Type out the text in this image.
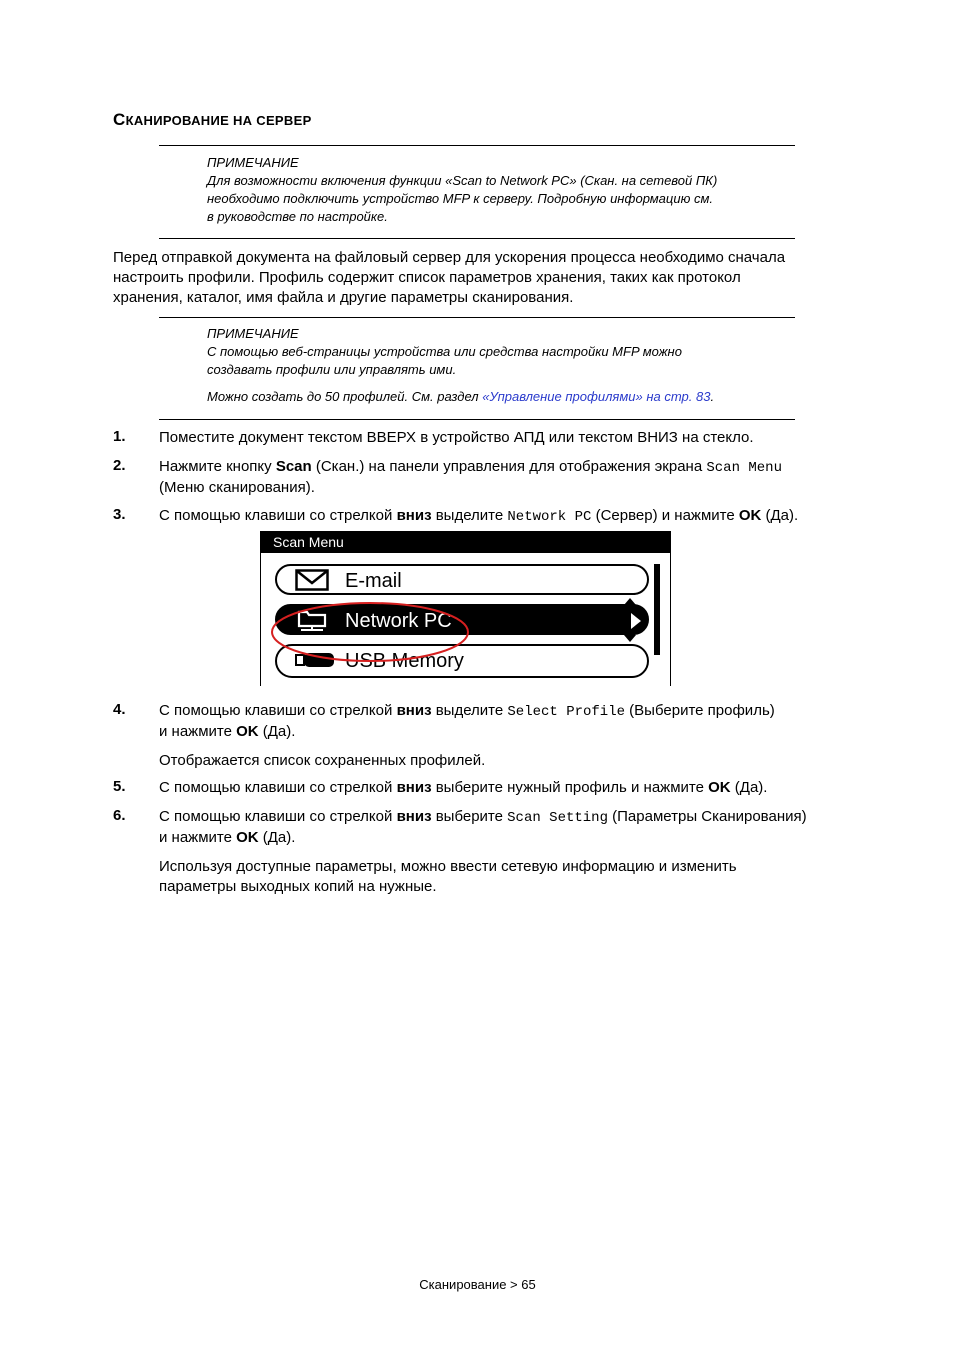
СКАНИРОВАНИЕ НА СЕРВЕР

ПРИМЕЧАНИЕ

Для возможности включения функции «Scan to Network PC» (Скан. на сетевой ПК)

необходимо подключить устройство MFP к серверу. Подробную информацию см.

в руководстве по настройке.

Перед отправкой документа на файловый сервер для ускорения процесса необходимо сначала
настроить профили. Профиль содержит список параметров хранения, таких как протокол
хранения, каталог, имя файла и другие параметры сканирования.

ПРИМЕЧАНИЕ

С помощью веб-страницы устройства или средства настройки MFP можно

создавать профили или управлять ими.

Можно создать до 50 профилей. См. раздел «Управление профилями» на стр. 83.

1. Поместите документ текстом ВВЕРХ в устройство АПД или текстом ВНИЗ на стекло.
2. Нажмите кнопку Scan (Скан.) на панели управления для отображения экрана Scan Menu
(Меню сканирования).
3. С помощью клавиши со стрелкой вниз выделите Network PC (Сервер) и нажмите OK (Да).
Scan Menu
E-mail
Network PC
USB Memory
4. С помощью клавиши со стрелкой вниз выделите Select Profile (Выберите профиль)
и нажмите OK (Да).
Отображается список сохраненных профилей.
5. С помощью клавиши со стрелкой вниз выберите нужный профиль и нажмите OK (Да).
6. С помощью клавиши со стрелкой вниз выберите Scan Setting (Параметры Сканирования)
и нажмите OK (Да).
Используя доступные параметры, можно ввести сетевую информацию и изменить
параметры выходных копий на нужные.
Сканирование > 65
